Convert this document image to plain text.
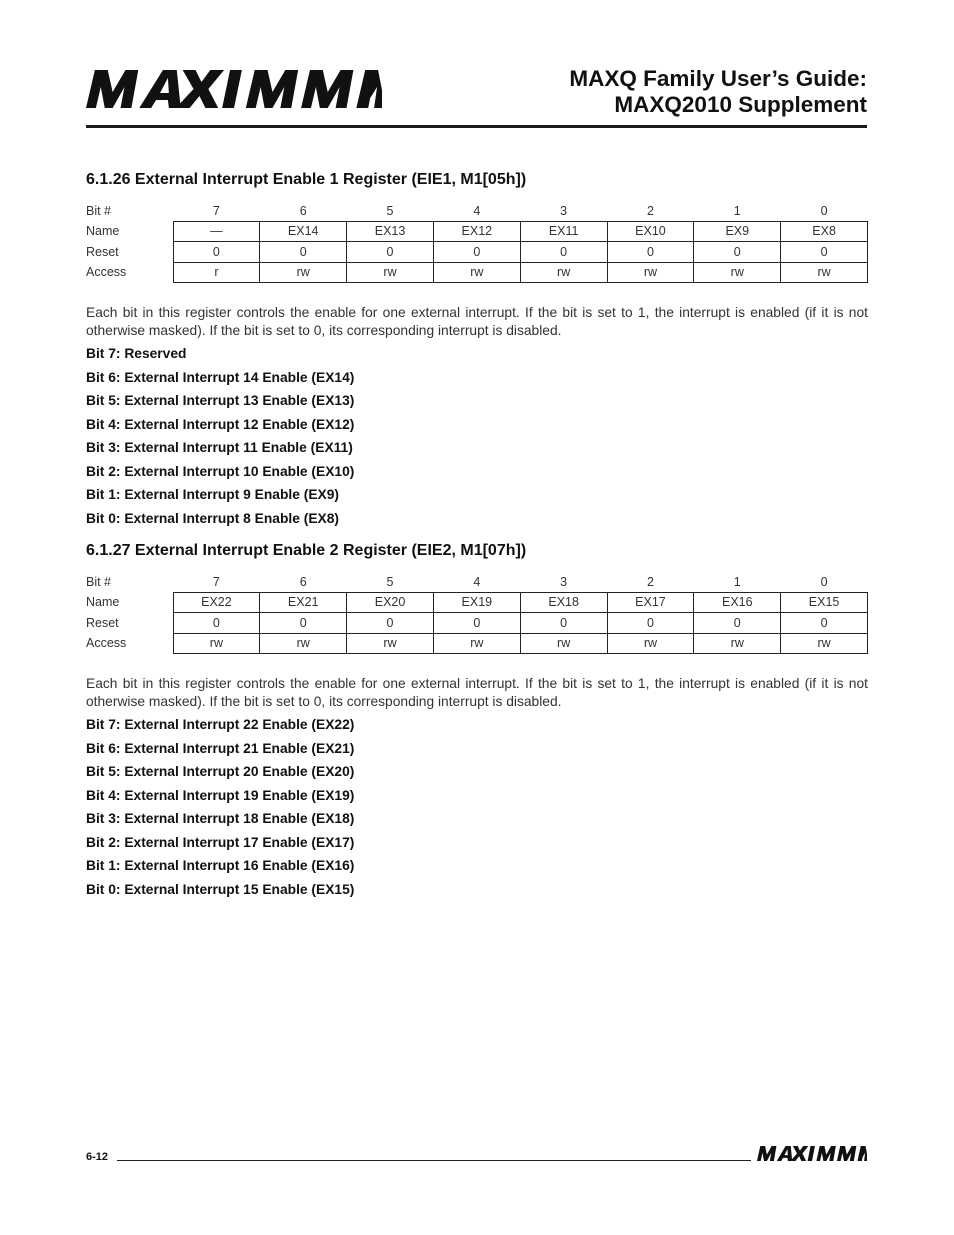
MAXQ Family User’s Guide:
MAXQ2010 Supplement
6.1.26 External Interrupt Enable 1 Register (EIE1, M1[05h])
Bit #	7	6	5	4	3	2	1	0
Name	—	EX14	EX13	EX12	EX11	EX10	EX9	EX8
Reset	0	0	0	0	0	0	0	0
Access	r	rw	rw	rw	rw	rw	rw	rw

Each bit in this register controls the enable for one external interrupt. If the bit is set to 1, the interrupt is enabled (if it is not otherwise masked). If the bit is set to 0, its corresponding interrupt is disabled.

Bit 7: Reserved
Bit 6: External Interrupt 14 Enable (EX14)
Bit 5: External Interrupt 13 Enable (EX13)
Bit 4: External Interrupt 12 Enable (EX12)
Bit 3: External Interrupt 11 Enable (EX11)
Bit 2: External Interrupt 10 Enable (EX10)
Bit 1: External Interrupt 9 Enable (EX9)
Bit 0: External Interrupt 8 Enable (EX8)
6.1.27 External Interrupt Enable 2 Register (EIE2, M1[07h])
Bit #	7	6	5	4	3	2	1	0
Name	EX22	EX21	EX20	EX19	EX18	EX17	EX16	EX15
Reset	0	0	0	0	0	0	0	0
Access	rw	rw	rw	rw	rw	rw	rw	rw

Each bit in this register controls the enable for one external interrupt. If the bit is set to 1, the interrupt is enabled (if it is not otherwise masked). If the bit is set to 0, its corresponding interrupt is disabled.

Bit 7: External Interrupt 22 Enable (EX22)
Bit 6: External Interrupt 21 Enable (EX21)
Bit 5: External Interrupt 20 Enable (EX20)
Bit 4: External Interrupt 19 Enable (EX19)
Bit 3: External Interrupt 18 Enable (EX18)
Bit 2: External Interrupt 17 Enable (EX17)
Bit 1: External Interrupt 16 Enable (EX16)
Bit 0: External Interrupt 15 Enable (EX15)
6-12
